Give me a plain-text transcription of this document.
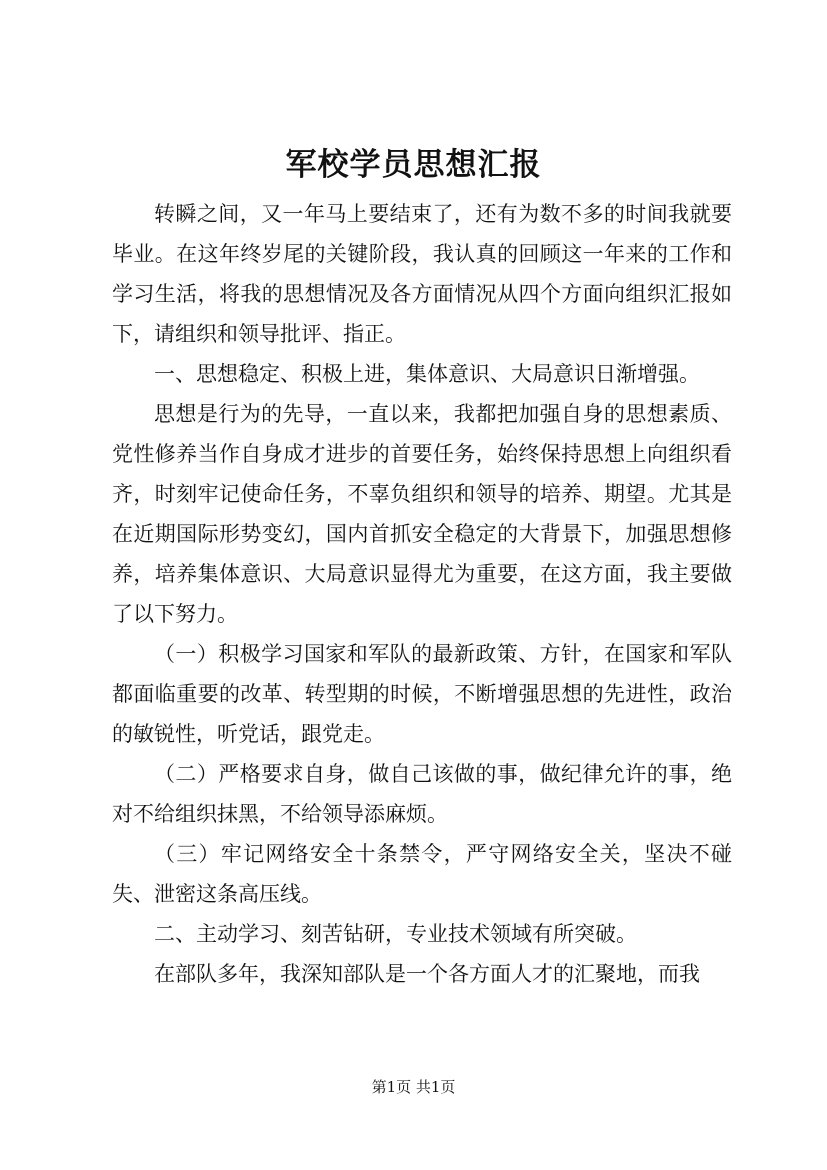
军校学员思想汇报

转瞬之间，又一年马上要结束了，还有为数不多的时间我就要毕业。在这年终岁尾的关键阶段，我认真的回顾这一年来的工作和学习生活，将我的思想情况及各方面情况从四个方面向组织汇报如下，请组织和领导批评、指正。

一、思想稳定、积极上进，集体意识、大局意识日渐增强。

思想是行为的先导，一直以来，我都把加强自身的思想素质、党性修养当作自身成才进步的首要任务，始终保持思想上向组织看齐，时刻牢记使命任务，不辜负组织和领导的培养、期望。尤其是在近期国际形势变幻，国内首抓安全稳定的大背景下，加强思想修养，培养集体意识、大局意识显得尤为重要，在这方面，我主要做了以下努力。

（一）积极学习国家和军队的最新政策、方针，在国家和军队都面临重要的改革、转型期的时候，不断增强思想的先进性，政治的敏锐性，听党话，跟党走。

（二）严格要求自身，做自己该做的事，做纪律允许的事，绝对不给组织抹黑，不给领导添麻烦。

（三）牢记网络安全十条禁令，严守网络安全关，坚决不碰失、泄密这条高压线。

二、主动学习、刻苦钻研，专业技术领域有所突破。

在部队多年，我深知部队是一个各方面人才的汇聚地，而我

第1页 共1页
